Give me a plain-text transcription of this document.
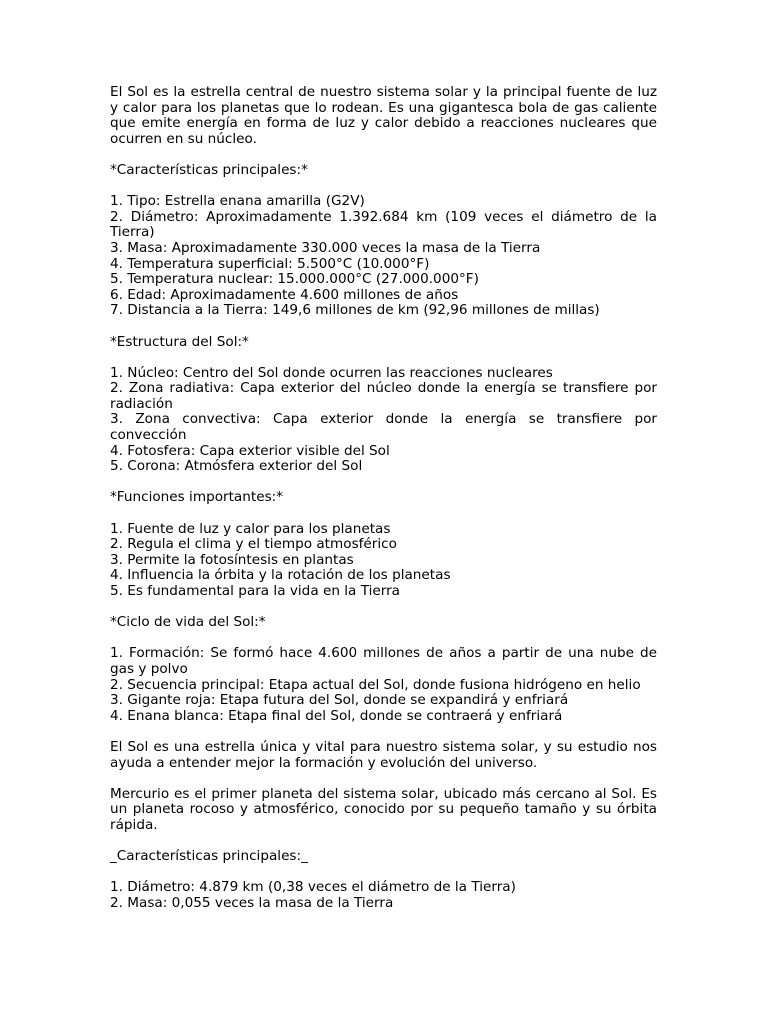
El Sol es la estrella central de nuestro sistema solar y la principal fuente de luz y calor para los planetas que lo rodean. Es una gigantesca bola de gas caliente que emite energía en forma de luz y calor debido a reacciones nucleares que ocurren en su núcleo.

*Características principales:*
1. Tipo: Estrella enana amarilla (G2V)

2. Diámetro: Aproximadamente 1.392.684 km (109 veces el diámetro de la Tierra)

3. Masa: Aproximadamente 330.000 veces la masa de la Tierra
4. Temperatura superficial: 5.500°C (10.000°F)
5. Temperatura nuclear: 15.000.000°C (27.000.000°F)
6. Edad: Aproximadamente 4.600 millones de años
7. Distancia a la Tierra: 149,6 millones de km (92,96 millones de millas)
*Estructura del Sol:*
1. Núcleo: Centro del Sol donde ocurren las reacciones nucleares

2. Zona radiativa: Capa exterior del núcleo donde la energía se transfiere por radiación

3. Zona convectiva: Capa exterior donde la energía se transfiere por convección

4. Fotosfera: Capa exterior visible del Sol
5. Corona: Atmósfera exterior del Sol
*Funciones importantes:*
1. Fuente de luz y calor para los planetas
2. Regula el clima y el tiempo atmosférico
3. Permite la fotosíntesis en plantas
4. Influencia la órbita y la rotación de los planetas
5. Es fundamental para la vida en la Tierra
*Ciclo de vida del Sol:*

1. Formación: Se formó hace 4.600 millones de años a partir de una nube de gas y polvo

2. Secuencia principal: Etapa actual del Sol, donde fusiona hidrógeno en helio

3. Gigante roja: Etapa futura del Sol, donde se expandirá y enfriará
4. Enana blanca: Etapa final del Sol, donde se contraerá y enfriará

El Sol es una estrella única y vital para nuestro sistema solar, y su estudio nos ayuda a entender mejor la formación y evolución del universo.

Mercurio es el primer planeta del sistema solar, ubicado más cercano al Sol. Es un planeta rocoso y atmosférico, conocido por su pequeño tamaño y su órbita rápida.

_Características principales:_
1. Diámetro: 4.879 km (0,38 veces el diámetro de la Tierra)
2. Masa: 0,055 veces la masa de la Tierra
